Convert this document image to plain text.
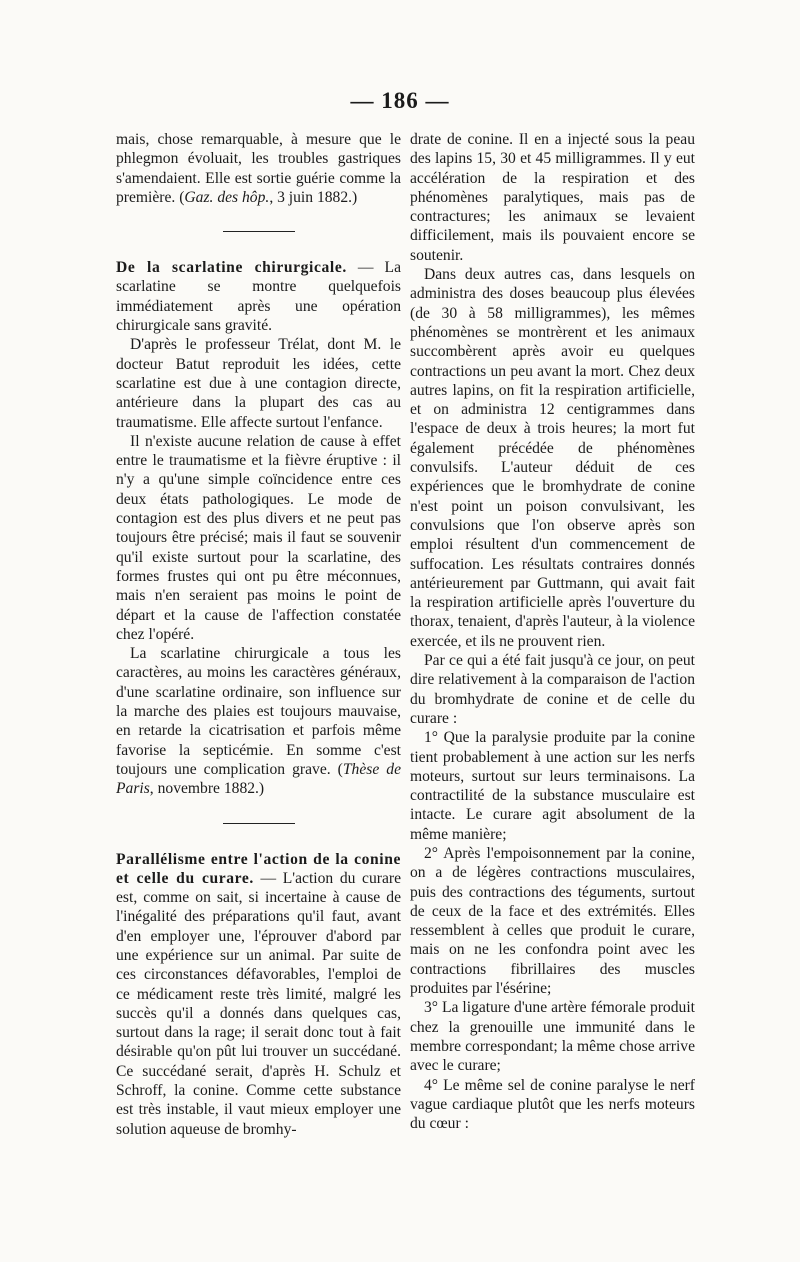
— 186 —

mais, chose remarquable, à mesure que le phlegmon évoluait, les troubles gastriques s'amendaient. Elle est sortie guérie comme la première. (Gaz. des hôp., 3 juin 1882.)

De la scarlatine chirurgicale. — La scarlatine se montre quelquefois immédiatement après une opération chirurgicale sans gravité.

D'après le professeur Trélat, dont M. le docteur Batut reproduit les idées, cette scarlatine est due à une contagion directe, antérieure dans la plupart des cas au traumatisme. Elle affecte surtout l'enfance.

Il n'existe aucune relation de cause à effet entre le traumatisme et la fièvre éruptive : il n'y a qu'une simple coïncidence entre ces deux états pathologiques. Le mode de contagion est des plus divers et ne peut pas toujours être précisé; mais il faut se souvenir qu'il existe surtout pour la scarlatine, des formes frustes qui ont pu être méconnues, mais n'en seraient pas moins le point de départ et la cause de l'affection constatée chez l'opéré.

La scarlatine chirurgicale a tous les caractères, au moins les caractères généraux, d'une scarlatine ordinaire, son influence sur la marche des plaies est toujours mauvaise, en retarde la cicatrisation et parfois même favorise la septicémie. En somme c'est toujours une complication grave. (Thèse de Paris, novembre 1882.)

Parallélisme entre l'action de la conine et celle du curare. — L'action du curare est, comme on sait, si incertaine à cause de l'inégalité des préparations qu'il faut, avant d'en employer une, l'éprouver d'abord par une expérience sur un animal. Par suite de ces circonstances défavorables, l'emploi de ce médicament reste très limité, malgré les succès qu'il a donnés dans quelques cas, surtout dans la rage; il serait donc tout à fait désirable qu'on pût lui trouver un succédané. Ce succédané serait, d'après H. Schulz et Schroff, la conine. Comme cette substance est très instable, il vaut mieux employer une solution aqueuse de bromhy-

drate de conine. Il en a injecté sous la peau des lapins 15, 30 et 45 milligrammes. Il y eut accélération de la respiration et des phénomènes paralytiques, mais pas de contractures; les animaux se levaient difficilement, mais ils pouvaient encore se soutenir.

Dans deux autres cas, dans lesquels on administra des doses beaucoup plus élevées (de 30 à 58 milligrammes), les mêmes phénomènes se montrèrent et les animaux succombèrent après avoir eu quelques contractions un peu avant la mort. Chez deux autres lapins, on fit la respiration artificielle, et on administra 12 centigrammes dans l'espace de deux à trois heures; la mort fut également précédée de phénomènes convulsifs. L'auteur déduit de ces expériences que le bromhydrate de conine n'est point un poison convulsivant, les convulsions que l'on observe après son emploi résultent d'un commencement de suffocation. Les résultats contraires donnés antérieurement par Guttmann, qui avait fait la respiration artificielle après l'ouverture du thorax, tenaient, d'après l'auteur, à la violence exercée, et ils ne prouvent rien.

Par ce qui a été fait jusqu'à ce jour, on peut dire relativement à la comparaison de l'action du bromhydrate de conine et de celle du curare :

1° Que la paralysie produite par la conine tient probablement à une action sur les nerfs moteurs, surtout sur leurs terminaisons. La contractilité de la substance musculaire est intacte. Le curare agit absolument de la même manière;

2° Après l'empoisonnement par la conine, on a de légères contractions musculaires, puis des contractions des téguments, surtout de ceux de la face et des extrémités. Elles ressemblent à celles que produit le curare, mais on ne les confondra point avec les contractions fibrillaires des muscles produites par l'ésérine;

3° La ligature d'une artère fémorale produit chez la grenouille une immunité dans le membre correspondant; la même chose arrive avec le curare;

4° Le même sel de conine paralyse le nerf vague cardiaque plutôt que les nerfs moteurs du cœur :
